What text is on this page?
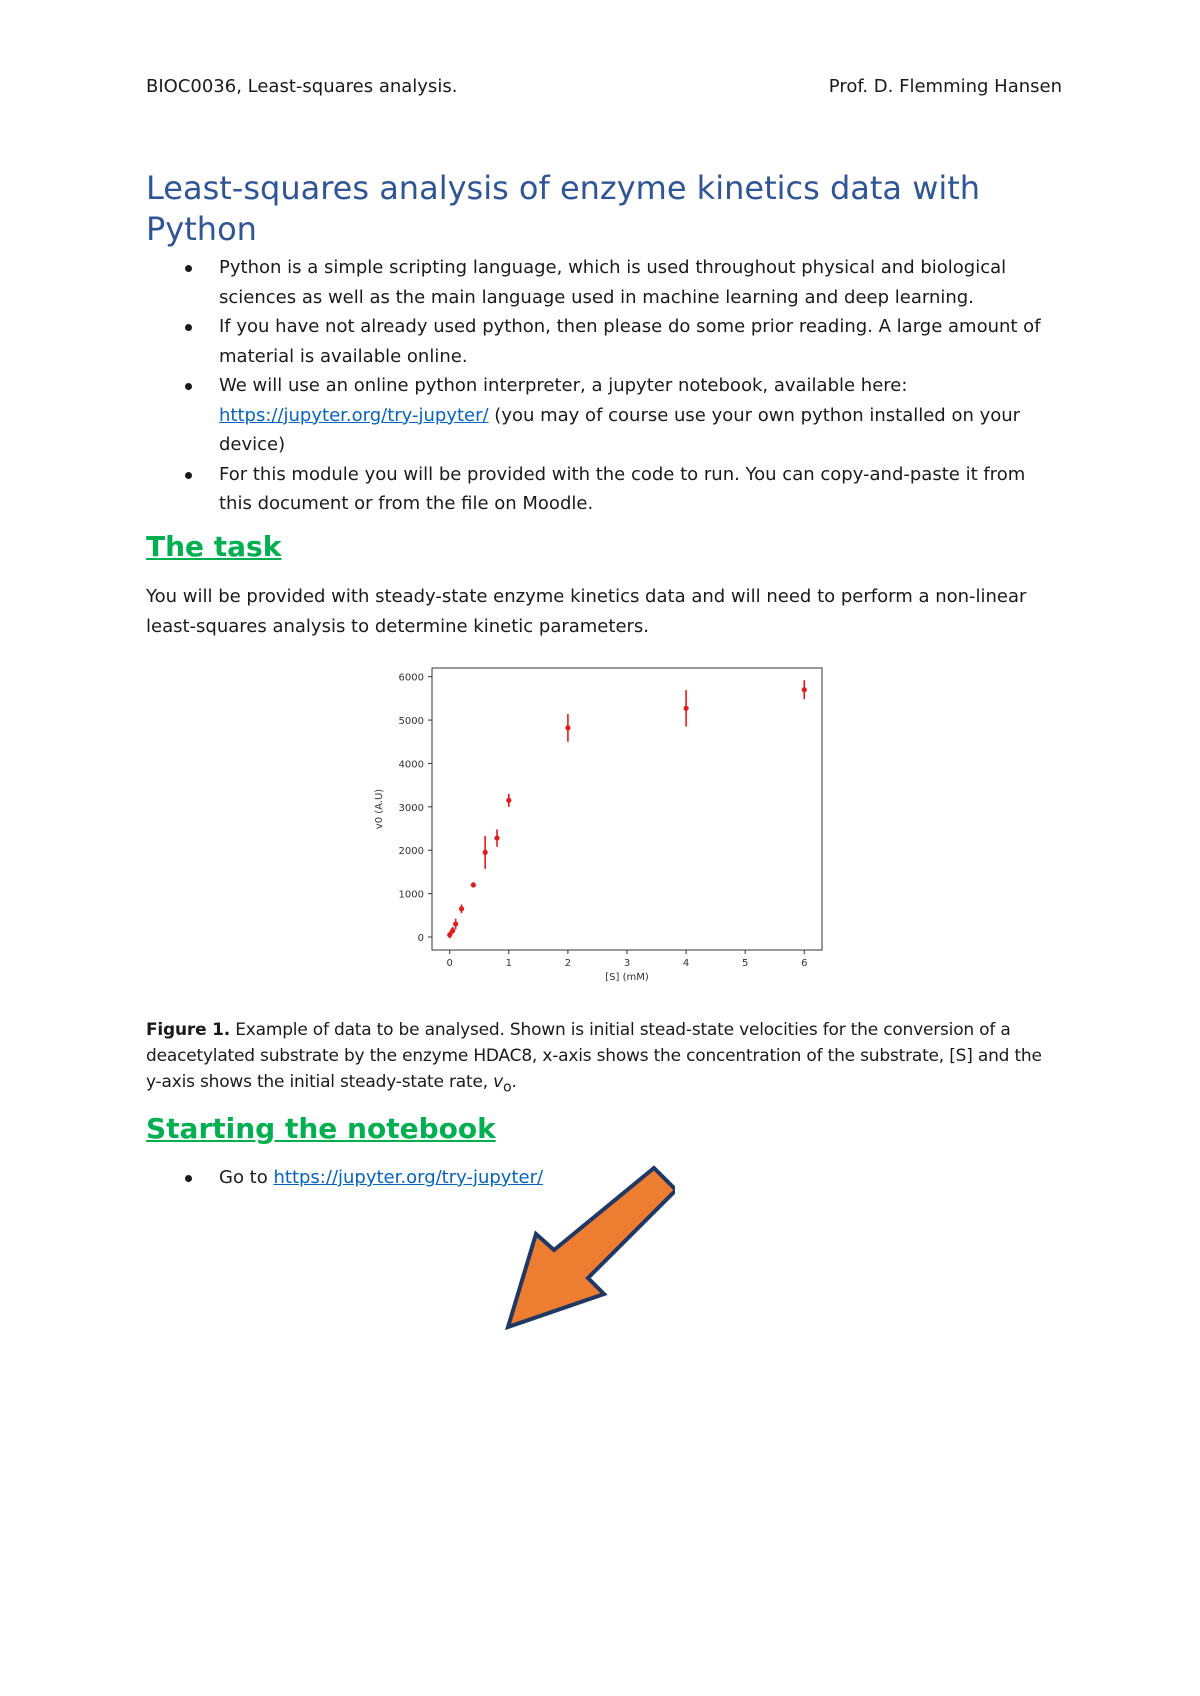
BIOC0036, Least-squares analysis.	Prof. D. Flemming Hansen
Least-squares analysis of enzyme kinetics data with Python
Python is a simple scripting language, which is used throughout physical and biological sciences as well as the main language used in machine learning and deep learning.
If you have not already used python, then please do some prior reading. A large amount of material is available online.
We will use an online python interpreter, a jupyter notebook, available here: https://jupyter.org/try-jupyter/ (you may of course use your own python installed on your device)
For this module you will be provided with the code to run. You can copy-and-paste it from this document or from the file on Moodle.
The task

You will be provided with steady-state enzyme kinetics data and will need to perform a non-linear least-squares analysis to determine kinetic parameters.

0
1000
2000
3000
4000
5000
6000
0	1	2	3	4	5	6
[S] (mM)
v0 (A.U)

Figure 1. Example of data to be analysed. Shown is initial stead-state velocities for the conversion of a deacetylated substrate by the enzyme HDAC8, x-axis shows the concentration of the substrate, [S] and the y-axis shows the initial steady-state rate, $v_o$.

Starting the notebook
Go to https://jupyter.org/try-jupyter/
